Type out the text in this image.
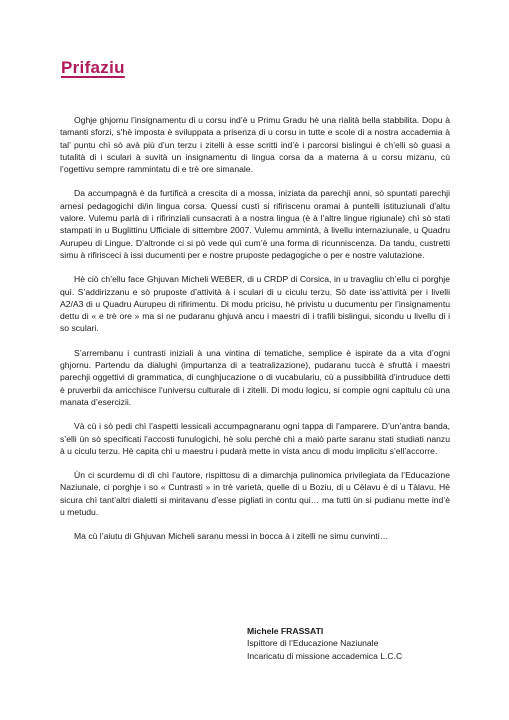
Prifaziu

Oghje ghjornu l’insignamentu di u corsu ind’è u Primu Gradu hè una rialità bella stabbilita. Dopu à tamanti sforzi, s’hè imposta è sviluppata a prisenza di u corsu in tutte e scole di a nostra accademia à tal’ puntu chì sò avà più d’un terzu i zitelli à esse scritti ind’è i parcorsi bislingui è ch’elli sò guasi a tutalità di i sculari à suvità un insignamentu di lingua corsa da a materna à u corsu mizanu, cù l’ogettivu sempre rammintatu di e trè ore simanale.

Da accumpagnà è da furtificà a crescita di a mossa, iniziata da parechji anni, sò spuntati parechji arnesi pedagogichi di/in lingua corsa. Quessi custì si rifiriscenu oramai à puntelli istituziunali d’altu valore. Vulemu parlà di i rifirinziali cunsacrati à a nostra lingua (è à l’altre lingue rigiunale) chì sò stati stampati in u Buglittinu Ufficiale di sittembre 2007. Vulemu ammintà, à livellu internaziunale, u Quadru Aurupeu di Lingue. D’altronde ci si pò vede quì cum’è una forma di ricunniscenza. Da tandu, custretti simu à rifirisceci à issi ducumenti per e nostre pruposte pedagogiche o per e nostre valutazione.

Hè ciò ch’ellu face Ghjuvan Micheli WEBER, di u CRDP di Corsica, in u travagliu ch’ellu ci porghje quì. S’addirizzanu e sò pruposte d’attività à i sculari di u ciculu terzu. Sò date iss’attività per i livelli A2/A3 di u Quadru Aurupeu di rifirimentu. Di modu pricisu, hè privistu u ducumentu per l’insignamentu dettu di « e trè ore » ma si ne pudaranu ghjuvà ancu i maestri di i trafili bislingui, sicondu u livellu di i so sculari.

S’arrembanu i cuntrasti iniziali à una vintina di tematiche, semplice è ispirate da a vita d’ogni ghjornu. Partendu da dialughi (impurtanza di a teatralizazione), pudaranu tuccà è sfruttà i maestri parechji oggettivi di grammatica, di cunghjucazione o di vucabulariu, cù a pussibbilità d’intruduce detti è pruverbii da arricchisce l’universu culturale di i zitelli. Di modu logicu, si compie ogni capitulu cù una manata d’esercizii.

Và cù i sò pedi chì l’aspetti lessicali accumpagnaranu ogni tappa di l’amparere. D’un’antra banda, s’elli ùn sò specificati l’accosti funulogichi, hè solu perchè chì a maiò parte saranu stati studiati nanzu à u ciculu terzu. Hè capita chì u maestru i pudarà mette in vista ancu di modu implicitu s’ell’accorre.

Ùn ci scurdemu di dì chì l’autore, rispittosu di a dimarchja pulinomica privilegiata da l’Educazione Naziunale, ci porghje i so « Cuntrasti » in trè varietà, quelle di u Boziu, di u Cèlavu è di u Tàlavu. Hè sicura chì tant’altri dialetti si miritavanu d’esse pigliati in contu qui… ma tutti ùn si pudianu mette ind’è u metudu.

Ma cù l’aiutu di Ghjuvan Micheli saranu messi in bocca à i zitelli ne simu cunvinti…

Michele FRASSATI
Ispittore di l’Educazione Naziunale
Incaricatu di missione accademica L.C.C
